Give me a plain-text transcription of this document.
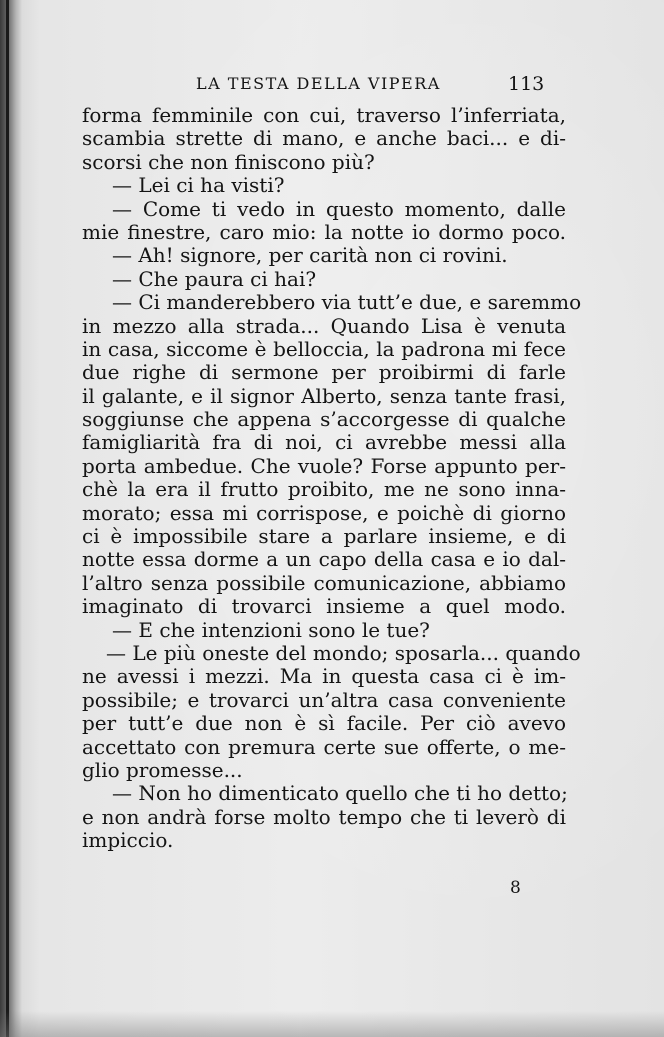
LA TESTA DELLA VIPERA	113
forma femminile con cui, traverso l’inferriata,
scambia strette di mano, e anche baci... e di-
scorsi che non finiscono più?
— Lei ci ha visti?
— Come ti vedo in questo momento, dalle
mie finestre, caro mio: la notte io dormo poco.
— Ah! signore, per carità non ci rovini.
— Che paura ci hai?
— Ci manderebbero via tutt’e due, e saremmo
in mezzo alla strada... Quando Lisa è venuta
in casa, siccome è belloccia, la padrona mi fece
due righe di sermone per proibirmi di farle
il galante, e il signor Alberto, senza tante frasi,
soggiunse che appena s’accorgesse di qualche
famigliarità fra di noi, ci avrebbe messi alla
porta ambedue. Che vuole? Forse appunto per-
chè la era il frutto proibito, me ne sono inna-
morato; essa mi corrispose, e poichè di giorno
ci è impossibile stare a parlare insieme, e di
notte essa dorme a un capo della casa e io dal-
l’altro senza possibile comunicazione, abbiamo
imaginato di trovarci insieme a quel modo.
— E che intenzioni sono le tue?
— Le più oneste del mondo; sposarla... quando
ne avessi i mezzi. Ma in questa casa ci è im-
possibile; e trovarci un’altra casa conveniente
per tutt’e due non è sì facile. Per ciò avevo
accettato con premura certe sue offerte, o me-
glio promesse...
— Non ho dimenticato quello che ti ho detto;
e non andrà forse molto tempo che ti leverò di
impiccio.
8
